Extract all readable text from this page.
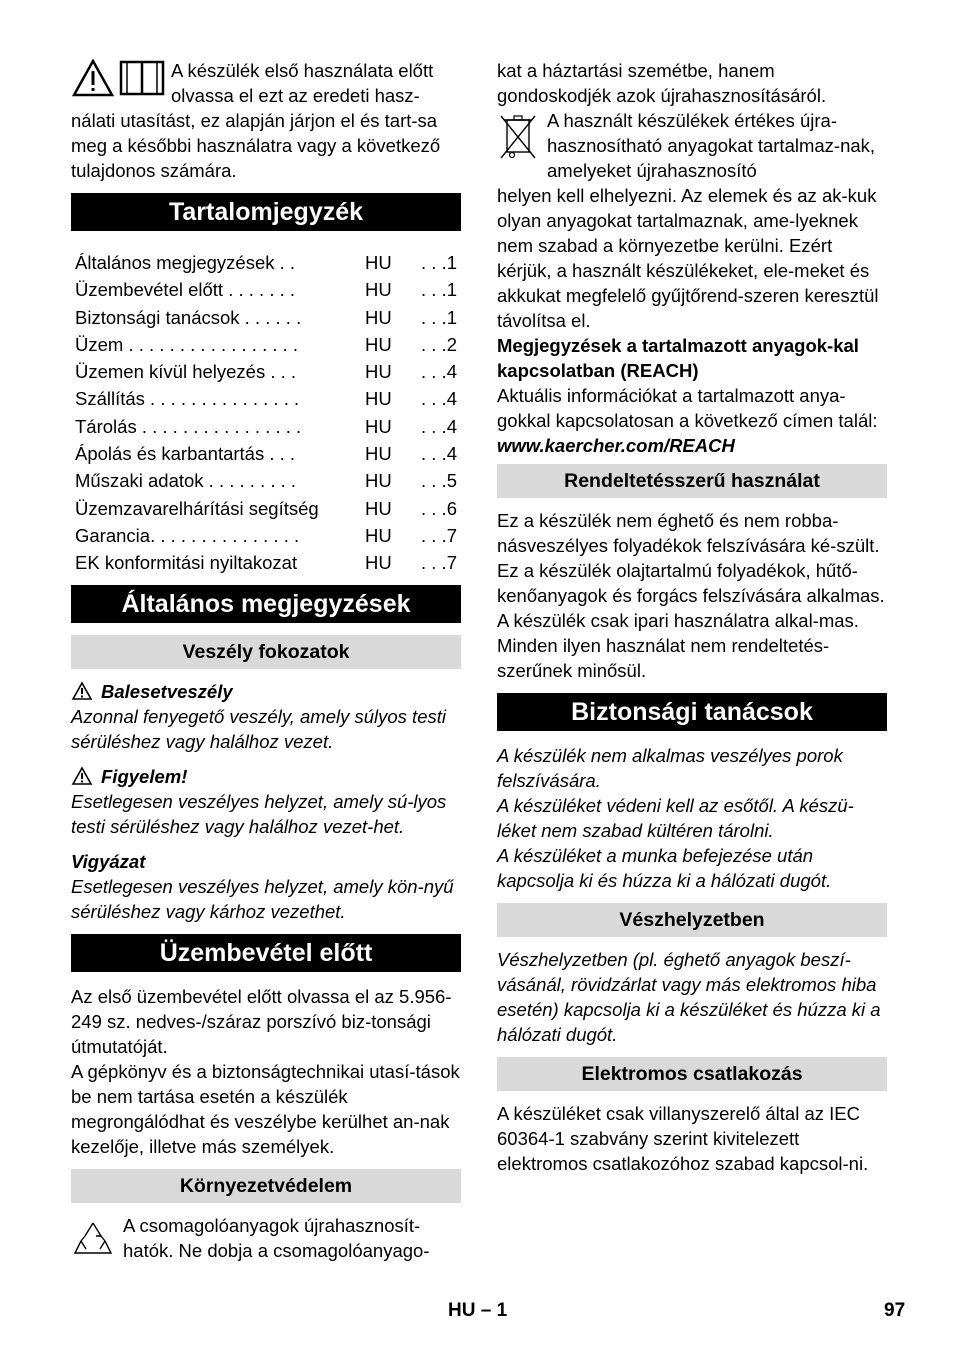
A készülék első használata előtt

olvassa el ezt az eredeti hasz-

nálati utasítást, ez alapján járjon el és tart-sa meg a későbbi használatra vagy a következő tulajdonos számára.

Tartalomjegyzék
Általános megjegyzések . .	HU	. . .1
Üzembevétel előtt . . . . . . .	HU	. . .1
Biztonsági tanácsok . . . . . .	HU	. . .1
Üzem . . . . . . . . . . . . . . . . .	HU	. . .2
Üzemen kívül helyezés . . .	HU	. . .4
Szállítás . . . . . . . . . . . . . . .	HU	. . .4
Tárolás . . . . . . . . . . . . . . . .	HU	. . .4
Ápolás és karbantartás . . .	HU	. . .4
Műszaki adatok . . . . . . . . .	HU	. . .5
Üzemzavarelhárítási segítség	HU	. . .6
Garancia. . . . . . . . . . . . . . .	HU	. . .7
EK konformitási nyiltakozat	HU	. . .7
Általános megjegyzések
Veszély fokozatok
Balesetveszély

Azonnal fenyegető veszély, amely súlyos testi sérüléshez vagy halálhoz vezet.

Figyelem!

Esetlegesen veszélyes helyzet, amely sú-lyos testi sérüléshez vagy halálhoz vezet-het.

Vigyázat

Esetlegesen veszélyes helyzet, amely kön-nyű sérüléshez vagy kárhoz vezethet.

Üzembevétel előtt

Az első üzembevétel előtt olvassa el az 5.956-249 sz. nedves-/száraz porszívó biz-tonsági útmutatóját.

A gépkönyv és a biztonságtechnikai utasí-tások be nem tartása esetén a készülék megrongálódhat és veszélybe kerülhet an-nak kezelője, illetve más személyek.

Környezetvédelem

A csomagolóanyagok újrahasznosít-hatók. Ne dobja a csomagolóanyago-

kat a háztartási szemétbe, hanem gondoskodjék azok újrahasznosításáról.

A használt készülékek értékes újra-hasznosítható anyagokat tartalmaz-nak, amelyeket újrahasznosító

helyen kell elhelyezni. Az elemek és az ak-kuk olyan anyagokat tartalmaznak, ame-lyeknek nem szabad a környezetbe kerülni. Ezért kérjük, a használt készülékeket, ele-meket és akkukat megfelelő gyűjtőrend-szeren keresztül távolítsa el.

Megjegyzések a tartalmazott anyagok-kal kapcsolatban (REACH)

Aktuális információkat a tartalmazott anya-gokkal kapcsolatosan a következő címen talál:

www.kaercher.com/REACH

Rendeltetésszerű használat

Ez a készülék nem éghető és nem robba-násveszélyes folyadékok felszívására ké-szült.

Ez a készülék olajtartalmú folyadékok, hűtő-kenőanyagok és forgács felszívására alkalmas.

A készülék csak ipari használatra alkal-mas.

Minden ilyen használat nem rendeltetés-szerűnek minősül.

Biztonsági tanácsok

A készülék nem alkalmas veszélyes porok felszívására.

A készüléket védeni kell az esőtől. A készü-léket nem szabad kültéren tárolni.

A készüléket a munka befejezése után kapcsolja ki és húzza ki a hálózati dugót.

Vészhelyzetben

Vészhelyzetben (pl. éghető anyagok beszí-vásánál, rövidzárlat vagy más elektromos hiba esetén) kapcsolja ki a készüléket és húzza ki a hálózati dugót.

Elektromos csatlakozás

A készüléket csak villanyszerelő által az IEC 60364-1 szabvány szerint kivitelezett elektromos csatlakozóhoz szabad kapcsol-ni.

HU – 1	97
